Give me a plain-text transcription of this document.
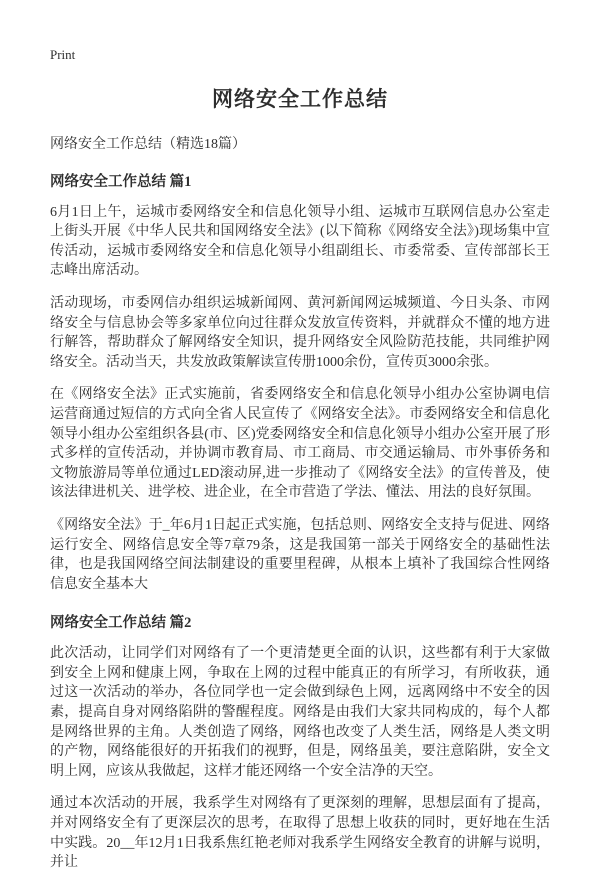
Print
网络安全工作总结

网络安全工作总结（精选18篇）

网络安全工作总结 篇1

6月1日上午，运城市委网络安全和信息化领导小组、运城市互联网信息办公室走上街头开展《中华人民共和国网络安全法》(以下简称《网络安全法》)现场集中宣传活动，运城市委网络安全和信息化领导小组副组长、市委常委、宣传部部长王志峰出席活动。

活动现场，市委网信办组织运城新闻网、黄河新闻网运城频道、今日头条、市网络安全与信息协会等多家单位向过往群众发放宣传资料，并就群众不懂的地方进行解答，帮助群众了解网络安全知识，提升网络安全风险防范技能，共同维护网络安全。活动当天，共发放政策解读宣传册1000余份，宣传页3000余张。

在《网络安全法》正式实施前，省委网络安全和信息化领导小组办公室协调电信运营商通过短信的方式向全省人民宣传了《网络安全法》。市委网络安全和信息化领导小组办公室组织各县(市、区)党委网络安全和信息化领导小组办公室开展了形式多样的宣传活动，并协调市教育局、市工商局、市交通运输局、市外事侨务和文物旅游局等单位通过LED滚动屏,进一步推动了《网络安全法》的宣传普及，使该法律进机关、进学校、进企业，在全市营造了学法、懂法、用法的良好氛围。

《网络安全法》于_年6月1日起正式实施，包括总则、网络安全支持与促进、网络运行安全、网络信息安全等7章79条，这是我国第一部关于网络安全的基础性法律，也是我国网络空间法制建设的重要里程碑，从根本上填补了我国综合性网络信息安全基本大

网络安全工作总结 篇2

此次活动，让同学们对网络有了一个更清楚更全面的认识，这些都有利于大家做到安全上网和健康上网，争取在上网的过程中能真正的有所学习，有所收获，通过这一次活动的举办，各位同学也一定会做到绿色上网，远离网络中不安全的因素，提高自身对网络陷阱的警醒程度。网络是由我们大家共同构成的，每个人都是网络世界的主角。人类创造了网络，网络也改变了人类生活，网络是人类文明的产物，网络能很好的开拓我们的视野，但是，网络虽美，要注意陷阱，安全文明上网，应该从我做起，这样才能还网络一个安全洁净的天空。

通过本次活动的开展，我系学生对网络有了更深刻的理解，思想层面有了提高，并对网络安全有了更深层次的思考，在取得了思想上收获的同时，更好地在生活中实践。20__年12月1日我系焦红艳老师对我系学生网络安全教育的讲解与说明，并让
